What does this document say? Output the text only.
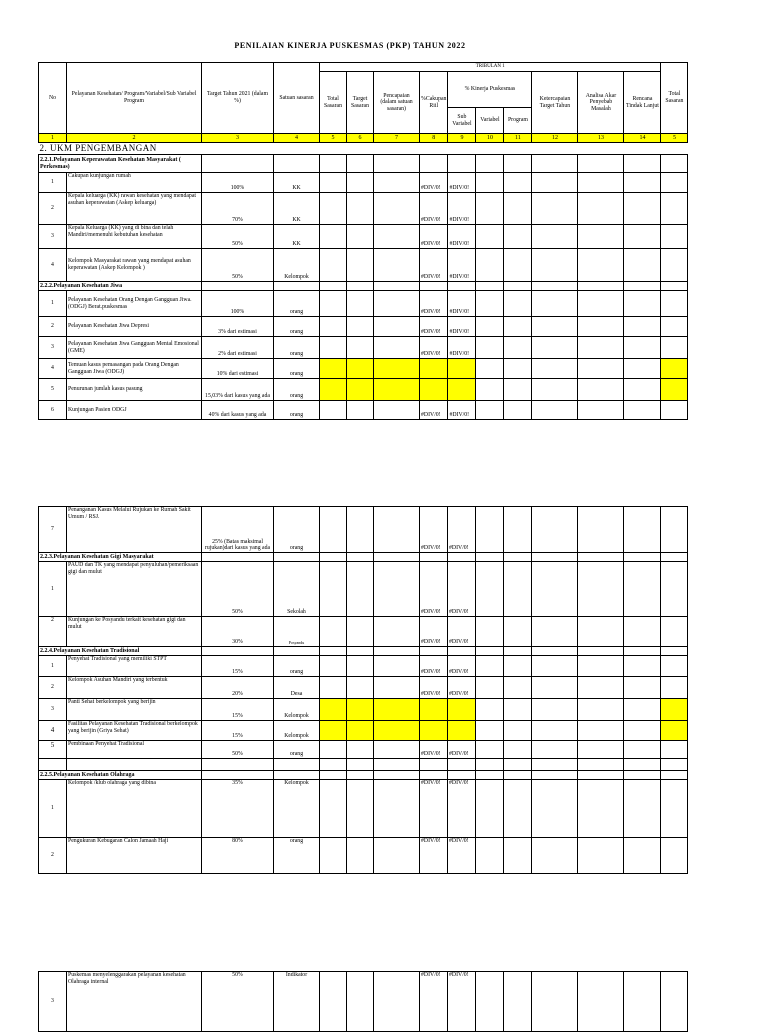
PENILAIAN KINERJA PUSKESMAS (PKP) TAHUN 2022
No	Pelayanan Kesehatan/ Program/Variabel/Sub Variabel Program	Target Tahun 2021 (dalam %)	Satuan sasaran	TRIBULAN 1										Total Sasaran
				Total Sasaran	Target Sasaran	Pencapaian (dalam satuan sasaran)	%Cakupan Riil	% Kinerja Puskesmas			Ketercapaian Target Tahun	Analisa Akar Penyebab Masalah	Rencana Tindak Lanjut	
								Sub Variabel	Variabel	Program				
1	2	3	4	5	6	7	8	9	10	11	12	13	14	5
2. UKM PENGEMBANGAN														
2.2.1.Pelayanan Keperawatan Kesehatan Masyarakat ( Perkesmas)														
1	Cakupan kunjungan rumah	100%	KK				#DIV/0!	#DIV/0!						
2	Kepala keluarga (KK) rawan kesehatan yang mendapat asuhan keperawatan (Askep keluarga)	70%	KK				#DIV/0!	#DIV/0!						
3	Kepala Keluarga (KK) yang di bina dan telah Mandiri/memenuhi kebutuhan kesehatan	50%	KK				#DIV/0!	#DIV/0!						
4	Kelompok Masyarakat rawan yang mendapat asuhan keperawatan (Askep Kelompok )	50%	Kelompok				#DIV/0!	#DIV/0!						
2.2.2.Pelayanan Kesehatan Jiwa														
1	Pelayanan Kesehatan Orang Dengan Gangguan Jiwa. (ODGJ) Berat.puskesmas	100%	orang				#DIV/0!	#DIV/0!						
2	Pelayanan Kesehatan Jiwa Depresi	3% dari estimasi	orang				#DIV/0!	#DIV/0!						
3	Pelayanan Kesehatan Jiwa Gangguan Mental Emosional (GME)	2% dari estimasi	orang				#DIV/0!	#DIV/0!						
4	Temuan kasus pemasangan pada Orang Dengan Gangguan Jiwa (ODGJ)	10% dari estimasi	orang											
5	Penurunan jumlah kasus pasung	15,03% dari kasus yang ada	orang											
6	Kunjungan Pasien ODGJ	40% dari kasus yang ada	orang				#DIV/0!	#DIV/0!						
7	Penanganan Kasus Melalui Rujukan ke Rumah Sakit Umum / RSJ.	25% (Batas maksimal rujukan)dari kasus yang ada	orang				#DIV/0!	#DIV/0!						
2.2.3.Pelayanan Kesehatan Gigi Masyarakat														
1	PAUD dan TK yang mendapat penyuluhan/pemeriksaan gigi dan mulut	50%	Sekolah				#DIV/0!	#DIV/0!						
2	Kunjungan ke Posyandu terkait kesehatan gigi dan mulut	30%	Posyandu				#DIV/0!	#DIV/0!						
2.2.4.Pelayanan Kesehatan Tradisional														
1	Penyehat Tradisional yang memiliki STPT	15%	orang				#DIV/0!	#DIV/0!						
2	Kelompok Asuhan Mandiri yang terbentuk	20%	Desa				#DIV/0!	#DIV/0!						
3	Panti Sehat berkelompok yang berijin	15%	Kelompok											
4	Fasilitas Pelayanan Kesehatan Tradisional berkelompok yang berijin (Griya Sehat)	15%	Kelompok											
5	Pembinaan Penyehat Tradisional	50%	orang				#DIV/0!	#DIV/0!						

2.2.5.Pelayanan Kesehatan Olahraga														
1	Kelompok /klub olahraga yang dibina	35%	Kelompok				#DIV/0!	#DIV/0!						
2	Pengukuran Kebugaran Calon Jamaah Haji	80%	orang				#DIV/0!	#DIV/0!						
3	Puskemas menyelenggarakan pelayanan kesehatan Olahraga internal	50%	Indikator				#DIV/0!	#DIV/0!						
